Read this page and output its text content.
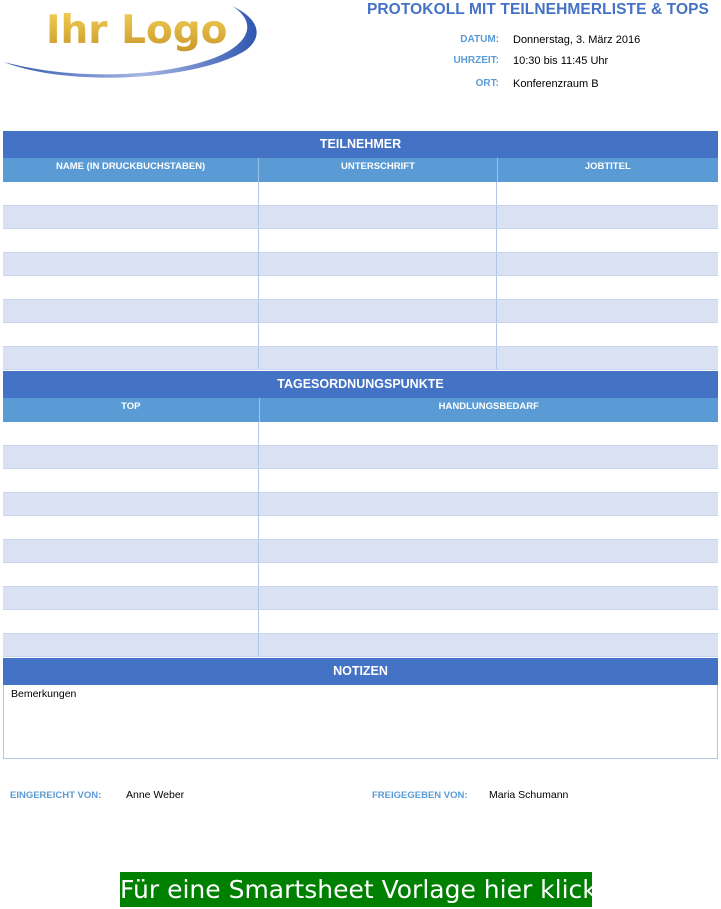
Ihr Logo	PROTOKOLL MIT TEILNEHMERLISTE & TOPS
DATUM: Donnerstag, 3. März 2016
UHRZEIT: 10:30 bis 11:45 Uhr
ORT: Konferenzraum B
TEILNEHMER
NAME (IN DRUCKBUCHSTABEN)	UNTERSCHRIFT	JOBTITEL
TAGESORDNUNGSPUNKTE
TOP	HANDLUNGSBEDARF
NOTIZEN
Bemerkungen
EINGEREICHT VON: Anne Weber	FREIGEGEBEN VON: Maria Schumann
Für eine Smartsheet Vorlage hier klicken
